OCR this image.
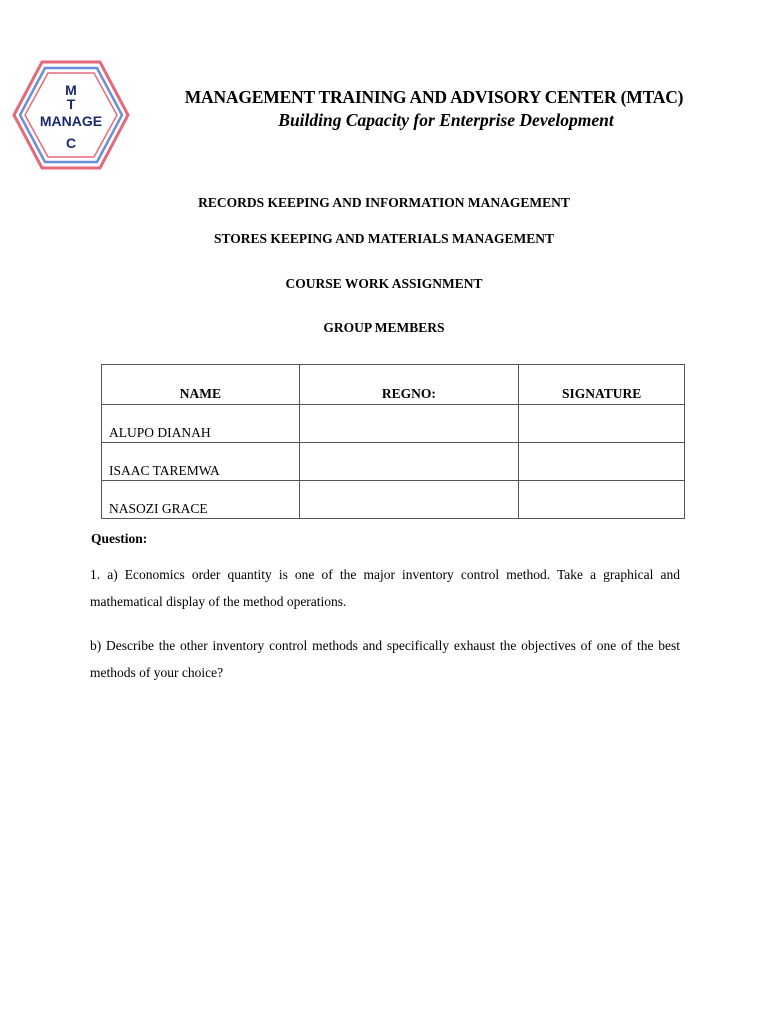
M
T
MANAGE
C
MANAGEMENT TRAINING AND ADVISORY CENTER (MTAC)
Building Capacity for Enterprise Development
RECORDS KEEPING AND INFORMATION MANAGEMENT
STORES KEEPING AND MATERIALS MANAGEMENT
COURSE WORK ASSIGNMENT
GROUP MEMBERS
NAME	REGNO:	SIGNATURE
ALUPO DIANAH		
ISAAC TAREMWA		
NASOZI GRACE		
Question:
1. a) Economics order quantity is one of the major inventory control method. Take a graphical and mathematical display of the method operations.
b) Describe the other inventory control methods and specifically exhaust the objectives of one of the best methods of your choice?
